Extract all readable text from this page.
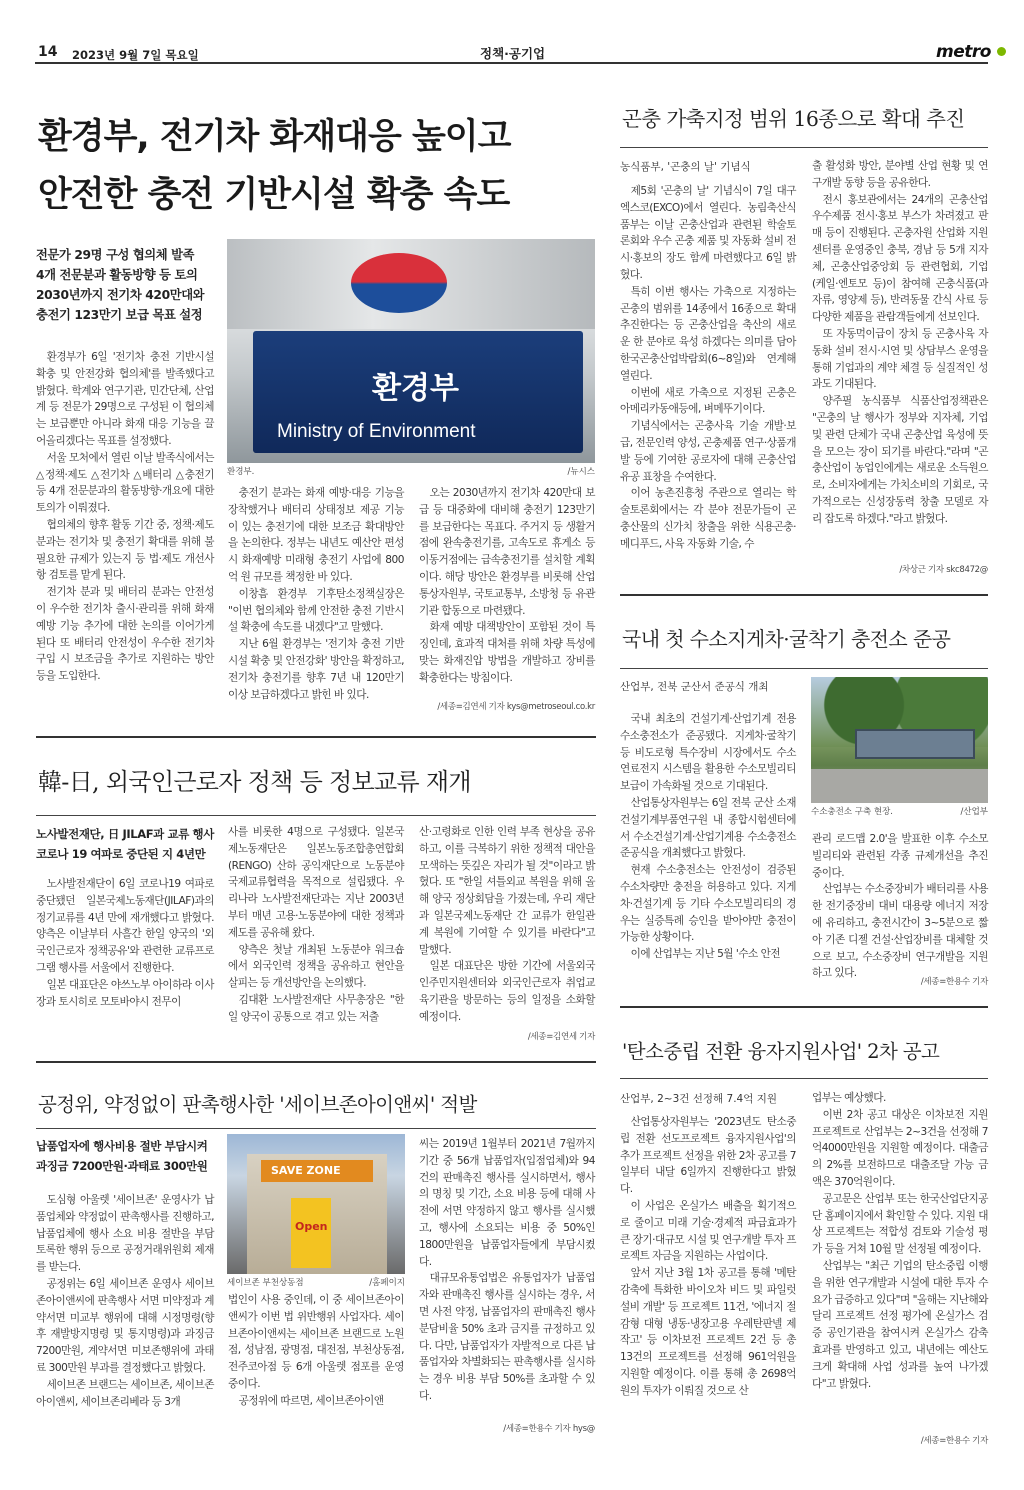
14 2023년 9월 7일 목요일	정책·공기업	metro
환경부, 전기차 화재대응 높이고
안전한 충전 기반시설 확충 속도
전문가 29명 구성 협의체 발족
4개 전문분과 활동방향 등 토의
2030년까지 전기차 420만대와
충전기 123만기 보급 목표 설정
환경부
Ministry of Environment
환경부.	/뉴시스

환경부가 6일 '전기차 충전 기반시설 확충 및 안전강화 협의체'를 발족했다고 밝혔다. 학계와 연구기관, 민간단체, 산업계 등 전문가 29명으로 구성된 이 협의체는 보급뿐만 아니라 화재 대응 기능을 끌어올리겠다는 목표를 설정했다.

서울 모처에서 열린 이날 발족식에서는 △정책·제도 △전기차 △배터리 △충전기 등 4개 전문분과의 활동방향·개요에 대한 토의가 이뤄졌다.

협의체의 향후 활동 기간 중, 정책·제도 분과는 전기차 및 충전기 확대를 위해 불필요한 규제가 있는지 등 법·제도 개선사항 검토를 맡게 된다.

전기차 분과 및 배터리 분과는 안전성이 우수한 전기차 출시·관리를 위해 화재예방 기능 추가에 대한 논의를 이어가게 된다 또 배터리 안전성이 우수한 전기차 구입 시 보조금을 추가로 지원하는 방안 등을 도입한다.

충전기 분과는 화재 예방·대응 기능을 장착했거나 배터리 상태정보 제공 기능이 있는 충전기에 대한 보조금 확대방안을 논의한다. 정부는 내년도 예산안 편성 시 화재예방 미래형 충전기 사업에 800억 원 규모를 책정한 바 있다.

이창흠 환경부 기후탄소정책실장은 "이번 협의체와 함께 안전한 충전 기반시설 확충에 속도를 내겠다"고 말했다.

지난 6월 환경부는 '전기차 충전 기반시설 확충 및 안전강화' 방안을 확정하고, 전기차 충전기를 향후 7년 내 120만기 이상 보급하겠다고 밝힌 바 있다.

오는 2030년까지 전기차 420만대 보급 등 대중화에 대비해 충전기 123만기를 보급한다는 목표다. 주거지 등 생활거점에 완속충전기를, 고속도로 휴게소 등 이동거점에는 급속충전기를 설치할 계획이다. 해당 방안은 환경부를 비롯해 산업통상자원부, 국토교통부, 소방청 등 유관기관 합동으로 마련됐다.

화재 예방 대책방안이 포함된 것이 특징인데, 효과적 대처를 위해 차량 특성에 맞는 화재진압 방법을 개발하고 장비를 확충한다는 방침이다.

/세종=김연세 기자 kys@metroseoul.co.kr
곤충 가축지정 범위 16종으로 확대 추진
농식품부, '곤충의 날' 기념식

제5회 '곤충의 날' 기념식이 7일 대구엑스코(EXCO)에서 열린다. 농림축산식품부는 이날 곤충산업과 관련된 학술토론회와 우수 곤충 제품 및 자동화 설비 전시·홍보의 장도 함께 마련했다고 6일 밝혔다.

특히 이번 행사는 가축으로 지정하는 곤충의 범위를 14종에서 16종으로 확대 추진한다는 등 곤충산업을 축산의 새로운 한 분야로 육성 하겠다는 의미를 담아 한국곤충산업박람회(6~8일)와 연계해 열린다.

이번에 새로 가축으로 지정된 곤충은 아메리카동애등에, 벼메뚜기이다.

기념식에서는 곤충사육 기술 개발·보급, 전문인력 양성, 곤충제품 연구·상품개발 등에 기여한 공로자에 대해 곤충산업 유공 표창을 수여한다.

이어 농촌진흥청 주관으로 열리는 학술토론회에서는 각 분야 전문가들이 곤충산물의 신가치 창출을 위한 식용곤충·메디푸드, 사육 자동화 기술, 수

출 활성화 방안, 분야별 산업 현황 및 연구개발 동향 등을 공유한다.

전시 홍보관에서는 24개의 곤충산업 우수제품 전시·홍보 부스가 차려졌고 판매 등이 진행된다. 곤충자원 산업화 지원센터를 운영중인 충북, 경남 등 5개 지자체, 곤충산업중앙회 등 관련협회, 기업(케일·엔토모 등)이 참여해 곤충식품(과자류, 영양제 등), 반려동물 간식 사료 등 다양한 제품을 관람객들에게 선보인다.

또 자동먹이급이 장치 등 곤충사육 자동화 설비 전시·시연 및 상담부스 운영을 통해 기업과의 계약 체결 등 실질적인 성과도 기대된다.

양주필 농식품부 식품산업정책관은 "곤충의 날 행사가 정부와 지자체, 기업 및 관련 단체가 국내 곤충산업 육성에 뜻을 모으는 장이 되기를 바란다."라며 "곤충산업이 농업인에게는 새로운 소득원으로, 소비자에게는 가치소비의 기회로, 국가적으로는 신성장동력 창출 모델로 자리 잡도록 하겠다."라고 밝혔다.

/차상근 기자 skc8472@
국내 첫 수소지게차·굴착기 충전소 준공
산업부, 전북 군산서 준공식 개최
수소충전소 구축 현장.	/산업부

국내 최초의 건설기계·산업기계 전용 수소충전소가 준공됐다. 지게차·굴착기 등 비도로형 특수장비 시장에서도 수소연료전지 시스템을 활용한 수소모빌리티 보급이 가속화될 것으로 기대된다.

산업통상자원부는 6일 전북 군산 소재 건설기계부품연구원 내 종합시험센터에서 수소건설기계·산업기계용 수소충전소 준공식을 개최했다고 밝혔다.

현재 수소충전소는 안전성이 검증된 수소차량만 충전을 허용하고 있다. 지게차·건설기계 등 기타 수소모빌리티의 경우는 실증특례 승인을 받아야만 충전이 가능한 상황이다.

이에 산업부는 지난 5월 '수소 안전

관리 로드맵 2.0'을 발표한 이후 수소모빌리티와 관련된 각종 규제개선을 추진 중이다.

산업부는 수소중장비가 배터리를 사용한 전기중장비 대비 대용량 에너지 저장에 유리하고, 충전시간이 3~5분으로 짧아 기존 디젤 건설·산업장비를 대체할 것으로 보고, 수소중장비 연구개발을 지원하고 있다.

/세종=한용수 기자
韓-日, 외국인근로자 정책 등 정보교류 재개
노사발전재단, 日 JILAF과 교류 행사
코로나 19 여파로 중단된 지 4년만

노사발전재단이 6일 코로나19 여파로 중단됐던 일본국제노동재단(JILAF)과의 정기교류를 4년 만에 재개했다고 밝혔다. 양측은 이날부터 사흘간 한일 양국의 '외국인근로자 정책공유'와 관련한 교류프로그램 행사를 서울에서 진행한다.

일본 대표단은 야쓰노부 아이하라 이사장과 토시히로 모토바야시 전무이

사를 비롯한 4명으로 구성됐다. 일본국제노동재단은 일본노동조합총연합회(RENGO) 산하 공익재단으로 노동분야 국제교류협력을 목적으로 설립됐다. 우리나라 노사발전재단과는 지난 2003년부터 매년 고용·노동분야에 대한 정책과 제도를 공유해 왔다.

양측은 첫날 개최된 노동분야 워크숍에서 외국인력 정책을 공유하고 현안을 살피는 등 개선방안을 논의했다.

김대환 노사발전재단 사무총장은 "한일 양국이 공통으로 겪고 있는 저출

산·고령화로 인한 인력 부족 현상을 공유하고, 이를 극복하기 위한 정책적 대안을 모색하는 뜻깊은 자리가 될 것"이라고 밝혔다. 또 "한일 셔틀외교 복원을 위해 올해 양국 정상회담을 가졌는데, 우리 재단과 일본국제노동재단 간 교류가 한일관계 복원에 기여할 수 있기를 바란다"고 말했다.

일본 대표단은 방한 기간에 서울외국인주민지원센터와 외국인근로자 취업교육기관을 방문하는 등의 일정을 소화할 예정이다.

/세종=김연세 기자
공정위, 약정없이 판촉행사한 '세이브존아이앤씨' 적발
납품업자에 행사비용 절반 부담시켜
과징금 7200만원·과태료 300만원

도심형 아울렛 '세이브존' 운영사가 납품업체와 약정없이 판촉행사를 진행하고, 납품업체에 행사 소요 비용 절반을 부담토록한 행위 등으로 공정거래위원회 제재를 받는다.

공정위는 6일 세이브존 운영사 세이브존아이앤씨에 판촉행사 서면 미약정과 계약서면 미교부 행위에 대해 시정명령(향후 재발방지명령 및 통지명령)과 과징금 7200만원, 계약서면 미보존행위에 과태료 300만원 부과를 결정했다고 밝혔다.

세이브존 브랜드는 세이브존, 세이브존아이앤씨, 세이브존리베라 등 3개

SAVE ZONE
Open
세이브존 부천상동점	/홈페이지

법인이 사용 중인데, 이 중 세이브존아이앤씨가 이번 법 위반행위 사업자다. 세이브존아이앤씨는 세이브존 브랜드로 노원점, 성남점, 광명점, 대전점, 부천상동점, 전주코아점 등 6개 아울렛 점포를 운영 중이다.

공정위에 따르면, 세이브존아이앤

씨는 2019년 1월부터 2021년 7월까지 기간 중 56개 납품업자(입점업체)와 94건의 판매촉진 행사를 실시하면서, 행사의 명칭 및 기간, 소요 비용 등에 대해 사전에 서면 약정하지 않고 행사를 실시했고, 행사에 소요되는 비용 중 50%인 1800만원을 납품업자들에게 부담시켰다.

대규모유통업법은 유통업자가 납품업자와 판매촉진 행사를 실시하는 경우, 서면 사전 약정, 납품업자의 판매촉진 행사 분담비율 50% 초과 금지를 규정하고 있다. 다만, 납품업자가 자발적으로 다른 납품업자와 차별화되는 판촉행사를 실시하는 경우 비용 부담 50%를 초과할 수 있다.

/세종=한용수 기자 hys@
'탄소중립 전환 융자지원사업' 2차 공고
산업부, 2~3건 선정해 7.4억 지원

산업통상자원부는 '2023년도 탄소중립 전환 선도프로젝트 융자지원사업'의 추가 프로젝트 선정을 위한 2차 공고를 7일부터 내달 6일까지 진행한다고 밝혔다.

이 사업은 온실가스 배출을 획기적으로 줄이고 미래 기술·경제적 파급효과가 큰 장기·대규모 시설 및 연구개발 투자 프로젝트 자금을 지원하는 사업이다.

앞서 지난 3월 1차 공고를 통해 '메탄 감축에 특화한 바이오차 비드 및 파일럿 설비 개발' 등 프로젝트 11건, '에너지 절감형 대형 냉동·냉장고용 우레탄판넬 제작고' 등 이차보전 프로젝트 2건 등 총 13건의 프로젝트를 선정해 961억원을 지원할 예정이다. 이를 통해 총 2698억원의 투자가 이뤄질 것으로 산

업부는 예상했다.

이번 2차 공고 대상은 이차보전 지원 프로젝트로 산업부는 2~3건을 선정해 7억4000만원을 지원할 예정이다. 대출금의 2%를 보전하므로 대출조달 가능 금액은 370억원이다.

공고문은 산업부 또는 한국산업단지공단 홈페이지에서 확인할 수 있다. 지원 대상 프로젝트는 적합성 검토와 기술성 평가 등을 거쳐 10월 말 선정될 예정이다.

산업부는 "최근 기업의 탄소중립 이행을 위한 연구개발과 시설에 대한 투자 수요가 급증하고 있다"며 "올해는 지난해와 달리 프로젝트 선정 평가에 온실가스 검증 공인기관을 참여시켜 온실가스 감축 효과를 반영하고 있고, 내년에는 예산도 크게 확대해 사업 성과를 높여 나가겠다"고 밝혔다.

/세종=한용수 기자
